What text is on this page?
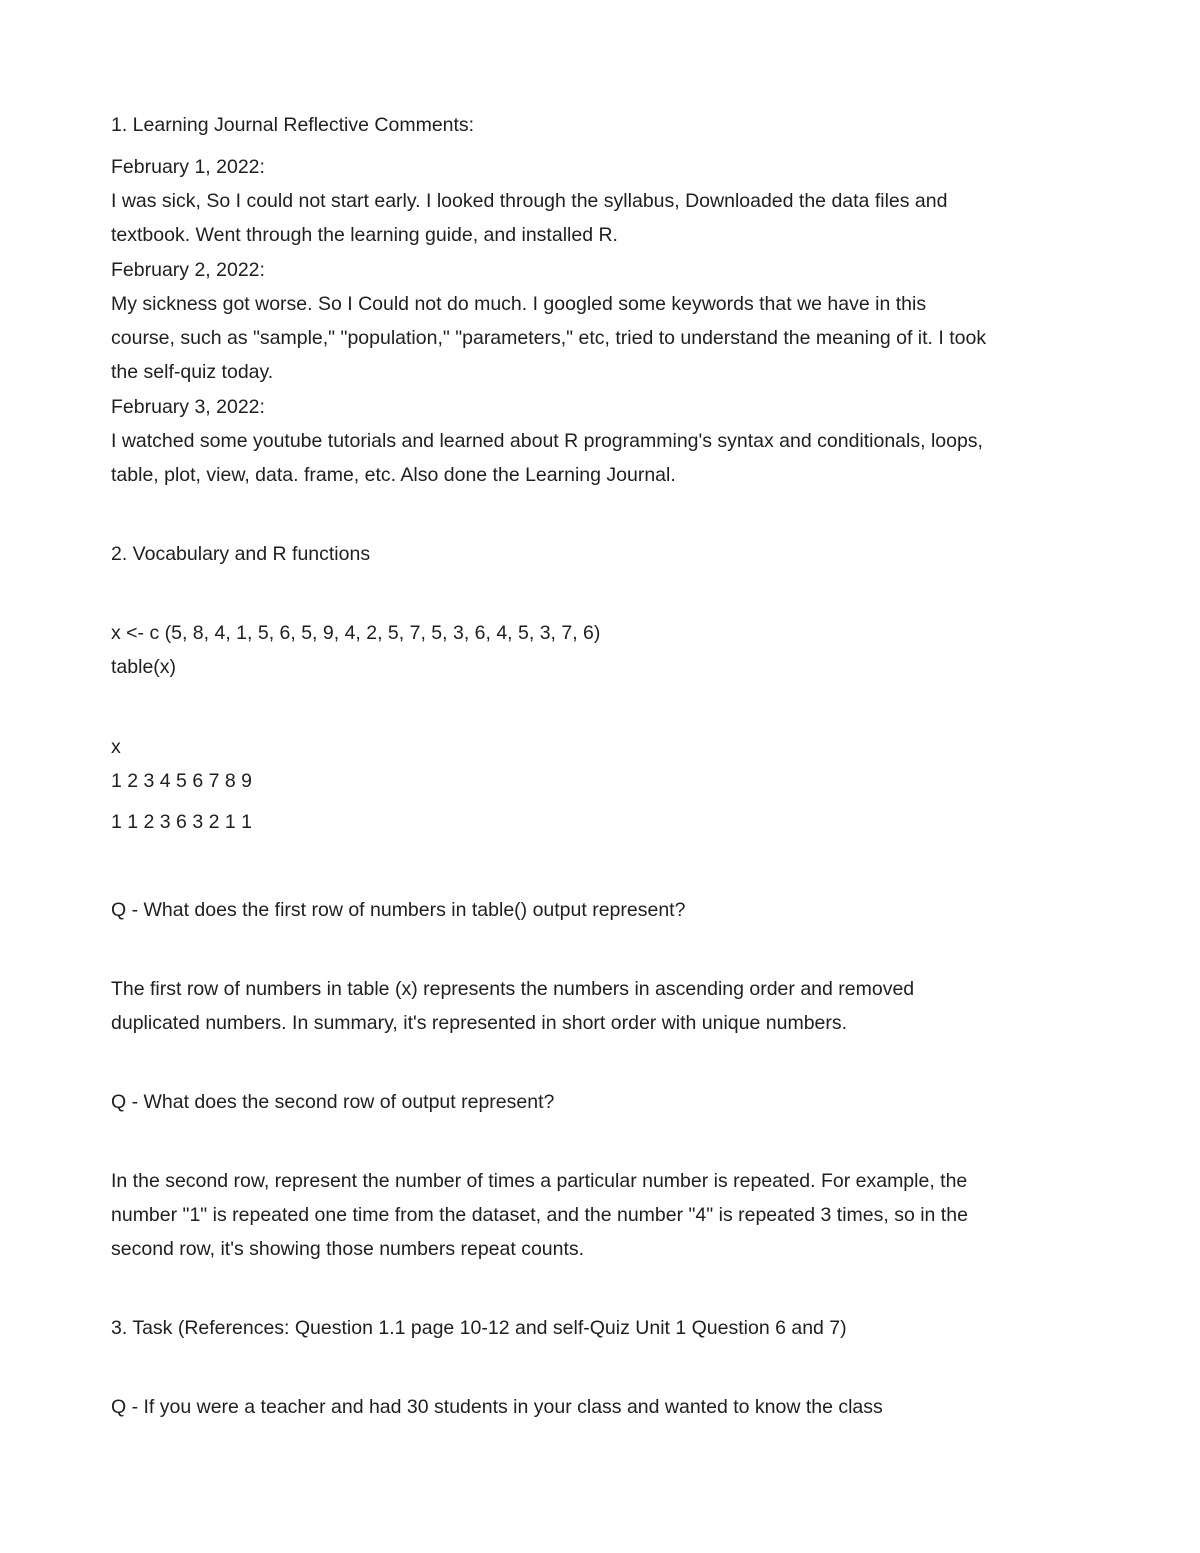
1. Learning Journal Reflective Comments:
February 1, 2022:
I was sick, So I could not start early. I looked through the syllabus, Downloaded the data files and
textbook. Went through the learning guide, and installed R.
February 2, 2022:
My sickness got worse. So I Could not do much. I googled some keywords that we have in this
course, such as "sample," "population," "parameters," etc, tried to understand the meaning of it. I took
the self-quiz today.
February 3, 2022:
I watched some youtube tutorials and learned about R programming's syntax and conditionals, loops,
table, plot, view, data. frame, etc. Also done the Learning Journal.
2. Vocabulary and R functions
x <- c (5, 8, 4, 1, 5, 6, 5, 9, 4, 2, 5, 7, 5, 3, 6, 4, 5, 3, 7, 6)
table(x)
x
1 2 3 4 5 6 7 8 9
1 1 2 3 6 3 2 1 1
Q - What does the first row of numbers in table() output represent?
The first row of numbers in table (x) represents the numbers in ascending order and removed
duplicated numbers. In summary, it's represented in short order with unique numbers.
Q - What does the second row of output represent?
In the second row, represent the number of times a particular number is repeated. For example, the
number "1" is repeated one time from the dataset, and the number "4" is repeated 3 times, so in the
second row, it's showing those numbers repeat counts.
3. Task (References: Question 1.1 page 10-12 and self-Quiz Unit 1 Question 6 and 7)
Q - If you were a teacher and had 30 students in your class and wanted to know the class
